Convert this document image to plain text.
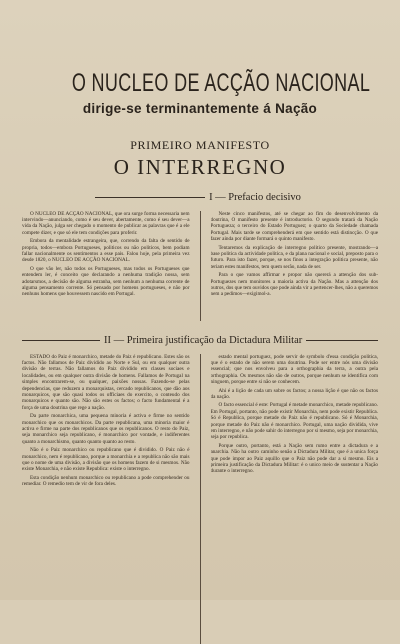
O NUCLEO DE ACÇÃO NACIONAL
dirige-se terminantemente á Nação
PRIMEIRO MANIFESTO
O INTERREGNO
I — Prefacio decisivo

O NUCLEO DE ACÇÃO NACIONAL, que ora surge forma necessaria nem intervindo—anunciando, como é seu dever, abertamente, como é seu dever—a vida da Nação, julga ser chegado o momento de publicar as palavras que é a ele compete dizer, e que só ele tem condições para proferir.

Embora da mentalidade estrangeira, que, correndo da falta de sentido de propria, todos—embora Portugueses, politicos ou não politicos, bem podiam fallar nacionalmente os sentimentos a esse pais. Falou hoje, pela primeira vez desde 1820, o NUCLEO DE ACÇÃO NACIONAL.

O que vão ler, não todos os Portugueses, mas todos os Portugueses que entendem ler, é conceito que declarando a nenhuma tradição nossa, sem adotarsmos, a decisão de alguma estranha, sem nenhum a nenhuma corrente de alguma pensamento corrente. Só pensado por homens portugueses, e não por nenhuns homens que houvessem nascido em Portugal.

Neste cinco manifestos, até se chegar ao fim do desenvolvimento da doutrina, O manifesto presente é introductorio. O segundo tratará da Nação Portugueza; o terceiro do Estado Portuguez; o quarto da Sociedade chamada Portugal. Mais tarde se comprehenderá em que sentido está distincção. O que fazer ainda por diante formará o quinto manifesto.

Tentaremos da explicação de interregno politico presente, mostrando—a base politica da actividade politica, e da plana nacional e social, preposto para o futuro. Para isto fazer, porque, se nos finos a integração politica presente, não teriam estes manifestos, tem quem serão, nada de ser.

Para o que vamos affirmar e propor não quererá a attenção dos sub-Portuguezes nem monitores a maioria activa da Nação. Mas a attenção dos outros, dos que tem ouvidos que pode ainda vir a pertencer-lhes, não a queremos nem a pedimos—exigimol-a.

II — Primeira justificação da Dictadura Militar

ESTADO do Paiz é monarchico, metade do Paiz é republicano. Estes são os factos. Não fallamos de Paiz dividido ao Norte e Sul, ou em qualquer outra divisão de terras. Não fallamos do Paiz dividido em classes sociaes e localidades, ou em qualquer outra divisão de homens. Fallamos de Portugal na simples encontrarem-se, ou qualquer, paixões nossas. Fazendo-se pelas dependencias, que reduzem a monarquistas, cercado republicanos, que dão aos monarquicos, que são quasi todos os officiaes do exercito, o conteudo dos monarquicos e quanto são. Não são estes os factos; o facto fundamental é a força de uma doutrina que rege a nação.

Da parte monarchica, uma pequena minoria é activa e firme no sentido monarchico que os monarchicos. Da parte republicana, uma minoria maior é activa e firme na parte dos republicanos que os republicanos. O resto do Paiz, seja monarchico seja republicano, é monarchico por vontade, e indiferentes quanto a monarchismo, quanto quanto quanto ao resto.

Não é o Paiz monarchico ou republicano que é dividido. O Paiz não é monarchico, nem é republicano, porque a monarchia e a republica não são mais que o nome de uma divisão, a divisão que os homens fazem de si mesmos. Não existe Monarchia, e não existe Republica: existe o interregno.

Esta condição nenhum monarchico ou republicano a pode comprehender ou remediar. O remedio tem de vir de fora deles.

estado mental portuguez, pode servir de symbolo d'essa condição politica, que é o estado de não serem uma doutrina. Pode ser entre nós uma divisão essencial; que nos envolveu para a orthographia da terra, a outra pela orthographia. Os mesmos não são de outros, porque nenhum se identifica com ninguem, porque entre si não se conhecem.

Ahi é a lição de cada um sobre os factos; a nossa lição é que não os factos da nação.

O facto essencial é este: Portugal é metade monarchico, metade republicano. Em Portugal, portanto, não pode existir Monarchia, nem pode existir Republica. Só é Republica, porque metade do Paiz não é republicano. Só é Monarchia, porque metade do Paiz não é monarchico. Portugal, uma nação dividida, vive em interregno, e não pode sahir do interregno por si mesmo, seja por monarchia, seja por republica.

Porque outro, portanto, está a Nação sem rumo entre a dictadura e a anarchia. Não ha outro caminho senão a Dictadura Militar, que é a unica força que pode impor ao Paiz aquillo que o Paiz não pode dar a si mesmo. Eis a primeira justificação da Dictadura Militar: é o unico meio de sustentar a Nação durante o interregno.
